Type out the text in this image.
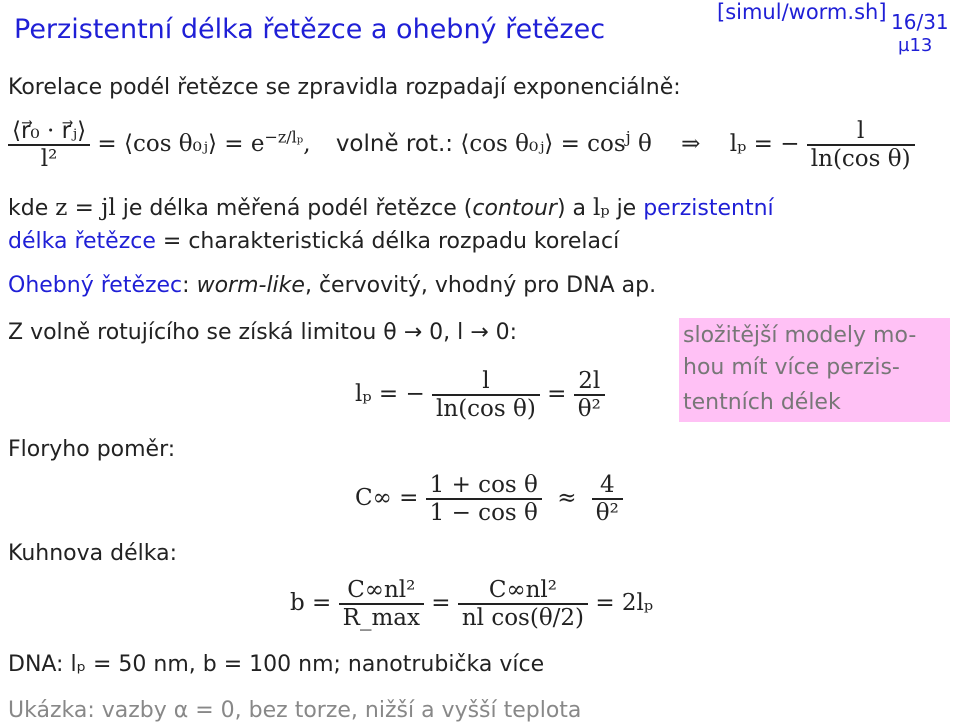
Perzistentní délka řetězce a ohebný řetězec
[simul/worm.sh] 16/31
µ13
Korelace podél řetězce se zpravidla rozpadají exponenciálně:
$\frac{\text{⟨r⃗₀ · r⃗ⱼ⟩}}{\text{l²}}$ = ⟨cos θ₀ⱼ⟩ = $e^{-z/l_p}$, volně rot.: ⟨cos θ₀ⱼ⟩ = $\cos^j \theta$ ⇒ lₚ = − $\frac{l}{\text{ln(cos θ)}}$
kde z = jl je délka měřená podél řetězce (contour) a lₚ je perzistentní
délka řetězce = charakteristická délka rozpadu korelací
Ohebný řetězec: worm-like, červovitý, vhodný pro DNA ap.
Z volně rotujícího se získá limitou θ → 0, l → 0:	složitější modely mo-
hou mít více perzis-
tentních délek
lₚ = − $\frac{l}{\text{ln(cos θ)}} = \frac{2l}{\text{θ²}}$
Floryho poměr:
$C\infty = \frac{\text{1 + cos θ}}{\text{1 − cos θ}} \approx \frac{4}{\text{θ²}}$
Kuhnova délka:
$b = \frac{\text{C∞nl²}}{R\_\max} = \frac{\text{C∞nl²}}{\text{nl cos(θ/2)}} = 2l_p$
DNA: lₚ = 50 nm, b = 100 nm; nanotrubička více
Ukázka: vazby α = 0, bez torze, nižší a vyšší teplota
